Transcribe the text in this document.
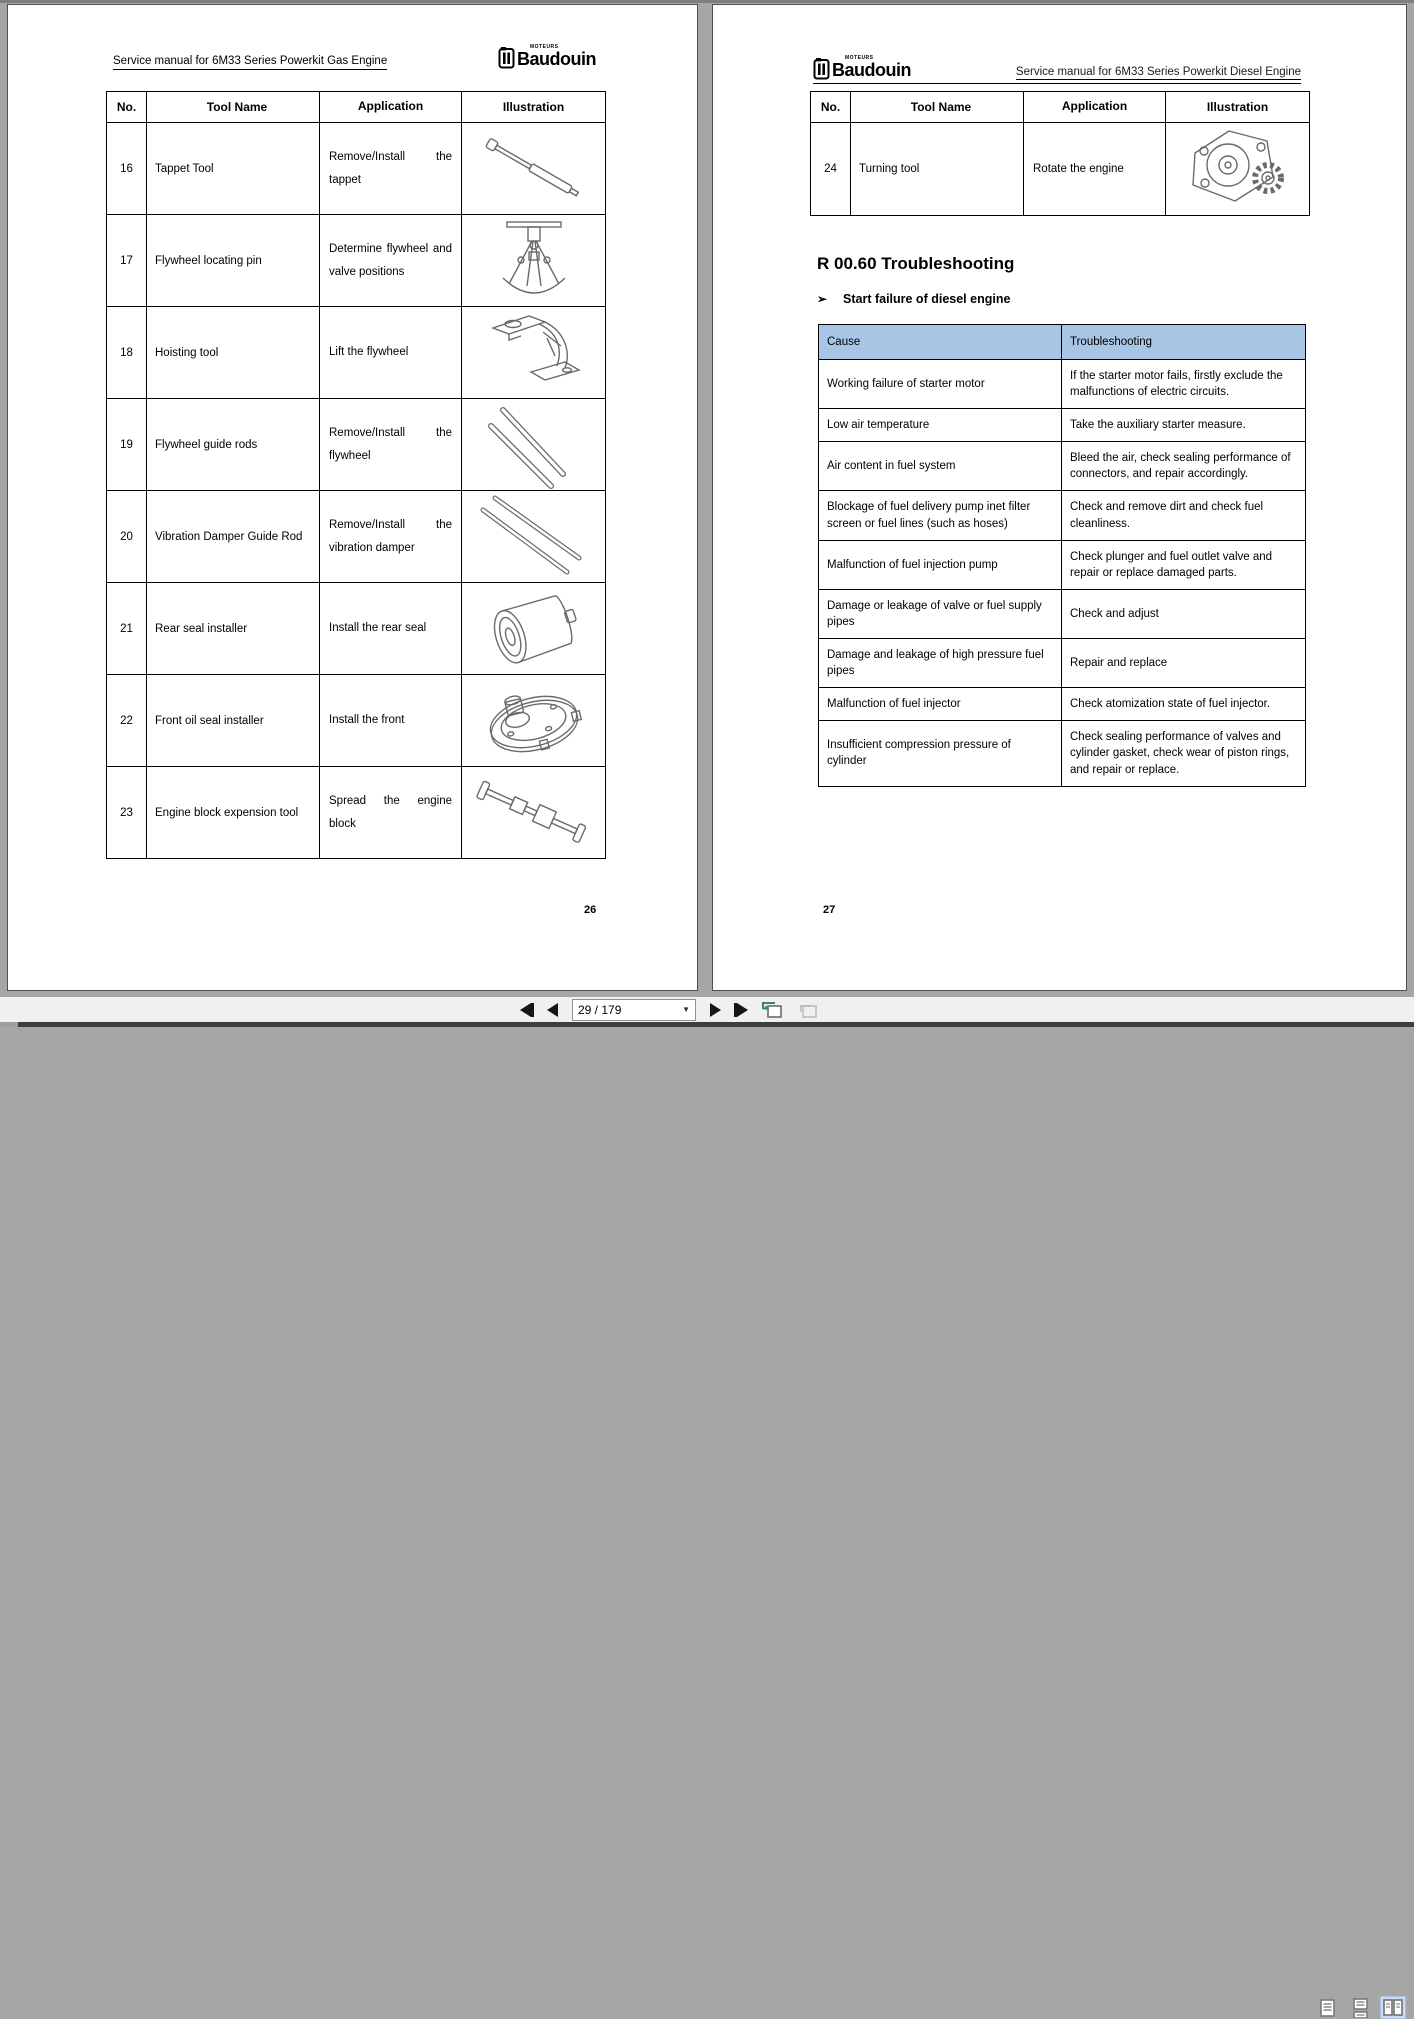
Service manual for 6M33 Series Powerkit Gas Engine
MOTEURS
Baudouin
No.	Tool Name	Application	Illustration
16	Tappet Tool	Remove/Install the tappet	

17	Flywheel locating pin	Determine flywheel and valve positions	

18	Hoisting tool	Lift the flywheel	

19	Flywheel guide rods	Remove/Install the flywheel	

20	Vibration Damper Guide Rod	Remove/Install the vibration damper	

21	Rear seal installer	Install the rear seal	

22	Front oil seal installer	Install the front	

23	Engine block expension tool	Spread the engine block	
26
MOTEURS
Baudouin	Service manual for 6M33 Series Powerkit Diesel Engine
No.	Tool Name	Application	Illustration
24	Turning tool	Rotate the engine	
R 00.60 Troubleshooting
➢ Start failure of diesel engine
Cause	Troubleshooting
Working failure of starter motor	If the starter motor fails, firstly exclude the malfunctions of electric circuits.
Low air temperature	Take the auxiliary starter measure.
Air content in fuel system	Bleed the air, check sealing performance of connectors, and repair accordingly.
Blockage of fuel delivery pump inet filter screen or fuel lines (such as hoses)	Check and remove dirt and check fuel cleanliness.
Malfunction of fuel injection pump	Check plunger and fuel outlet valve and repair or replace damaged parts.
Damage or leakage of valve or fuel supply pipes	Check and adjust
Damage and leakage of high pressure fuel pipes	Repair and replace
Malfunction of fuel injector	Check atomization state of fuel injector.
Insufficient compression pressure of cylinder	Check sealing performance of valves and cylinder gasket, check wear of piston rings, and repair or replace.
27
29 / 179	▼
